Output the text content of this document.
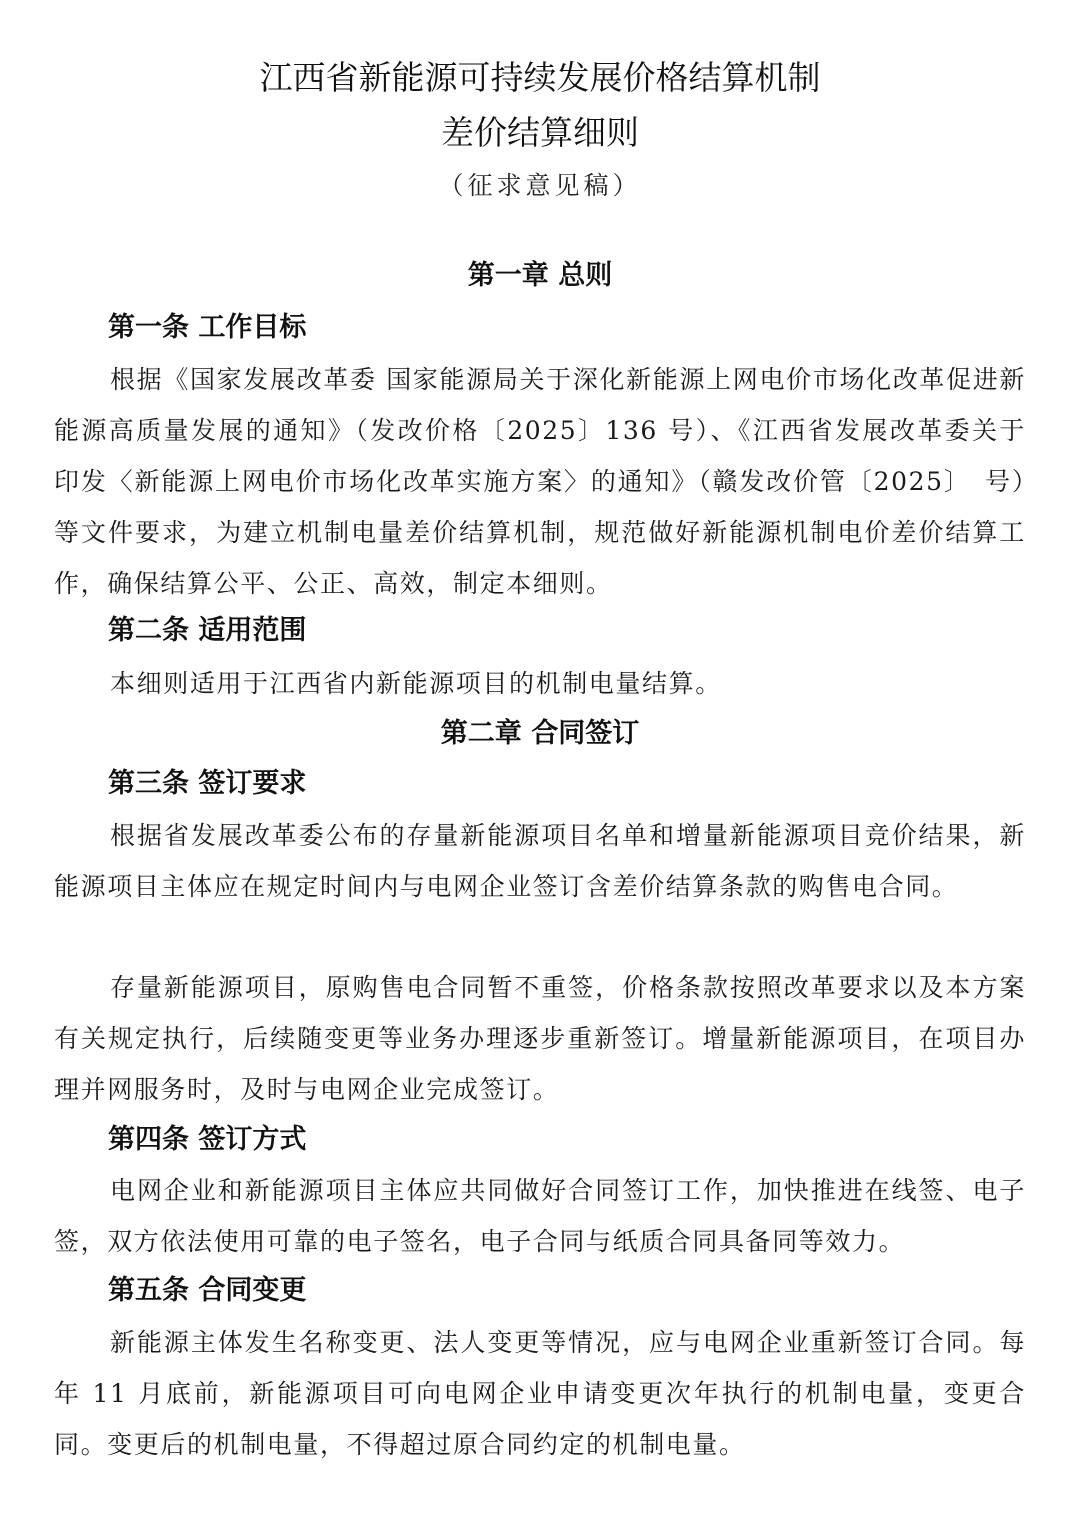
江西省新能源可持续发展价格结算机制
差价结算细则
（征求意见稿）
第一章 总则
第一条 工作目标
根据《国家发展改革委 国家能源局关于深化新能源上网电价市场化改革促进新能源高质量发展的通知》（发改价格〔2025〕136 号）、《江西省发展改革委关于印发〈新能源上网电价市场化改革实施方案〉的通知》（赣发改价管〔2025〕　号）等文件要求，为建立机制电量差价结算机制，规范做好新能源机制电价差价结算工作，确保结算公平、公正、高效，制定本细则。
第二条 适用范围
本细则适用于江西省内新能源项目的机制电量结算。
第二章 合同签订
第三条 签订要求
根据省发展改革委公布的存量新能源项目名单和增量新能源项目竞价结果，新能源项目主体应在规定时间内与电网企业签订含差价结算条款的购售电合同。
存量新能源项目，原购售电合同暂不重签，价格条款按照改革要求以及本方案有关规定执行，后续随变更等业务办理逐步重新签订。增量新能源项目，在项目办理并网服务时，及时与电网企业完成签订。
第四条 签订方式
电网企业和新能源项目主体应共同做好合同签订工作，加快推进在线签、电子签，双方依法使用可靠的电子签名，电子合同与纸质合同具备同等效力。
第五条 合同变更
新能源主体发生名称变更、法人变更等情况，应与电网企业重新签订合同。每年 11 月底前，新能源项目可向电网企业申请变更次年执行的机制电量，变更合同。变更后的机制电量，不得超过原合同约定的机制电量。
